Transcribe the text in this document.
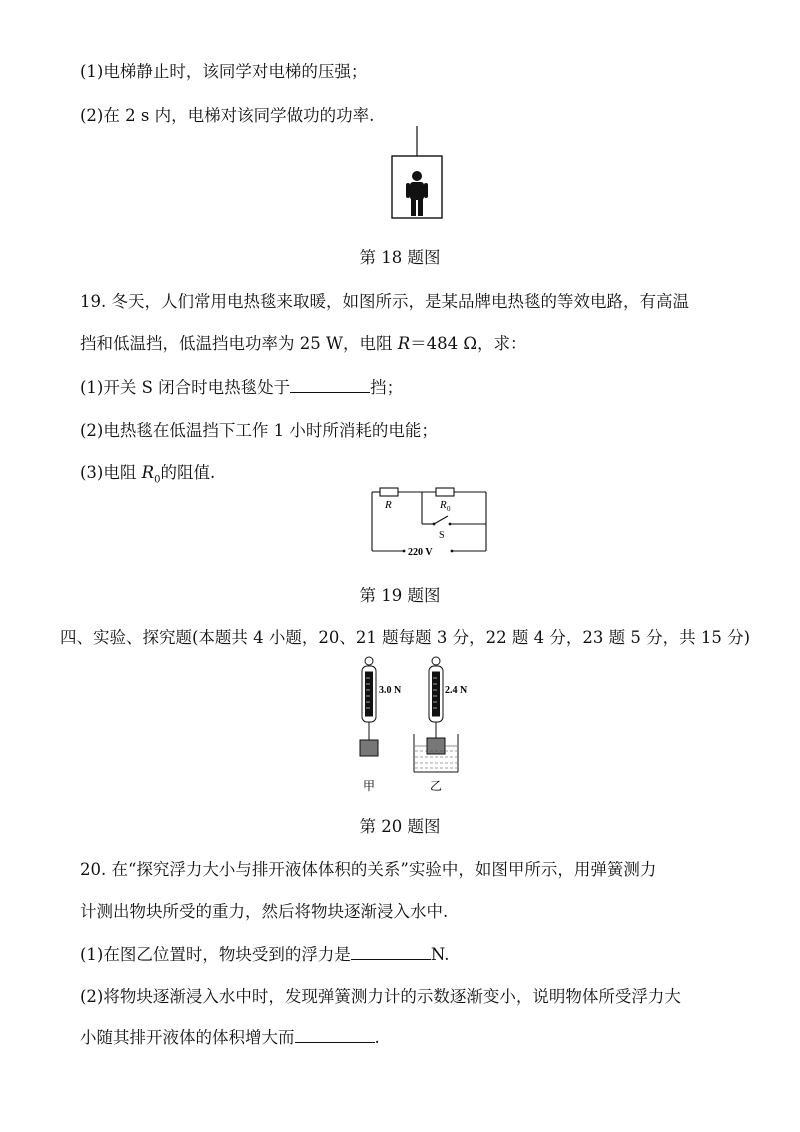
(1)电梯静止时，该同学对电梯的压强；
(2)在 2 s 内，电梯对该同学做功的功率.
第 18 题图
19. 冬天，人们常用电热毯来取暖，如图所示，是某品牌电热毯的等效电路，有高温
挡和低温挡，低温挡电功率为 25 W，电阻 R＝484 Ω，求：
(1)开关 S 闭合时电热毯处于	挡；
(2)电热毯在低温挡下工作 1 小时所消耗的电能；
(3)电阻 $R_0$的阻值.
R	R 0
S
220 V
第 19 题图
四、实验、探究题(本题共 4 小题，20、21 题每题 3 分，22 题 4 分，23 题 5 分，共 15 分)
3.0 N	2.4 N
甲	乙
第 20 题图
20. 在“探究浮力大小与排开液体体积的关系”实验中，如图甲所示，用弹簧测力
计测出物块所受的重力，然后将物块逐渐浸入水中.
(1)在图乙位置时，物块受到的浮力是	N.
(2)将物块逐渐浸入水中时，发现弹簧测力计的示数逐渐变小，说明物体所受浮力大
小随其排开液体的体积增大而	.
